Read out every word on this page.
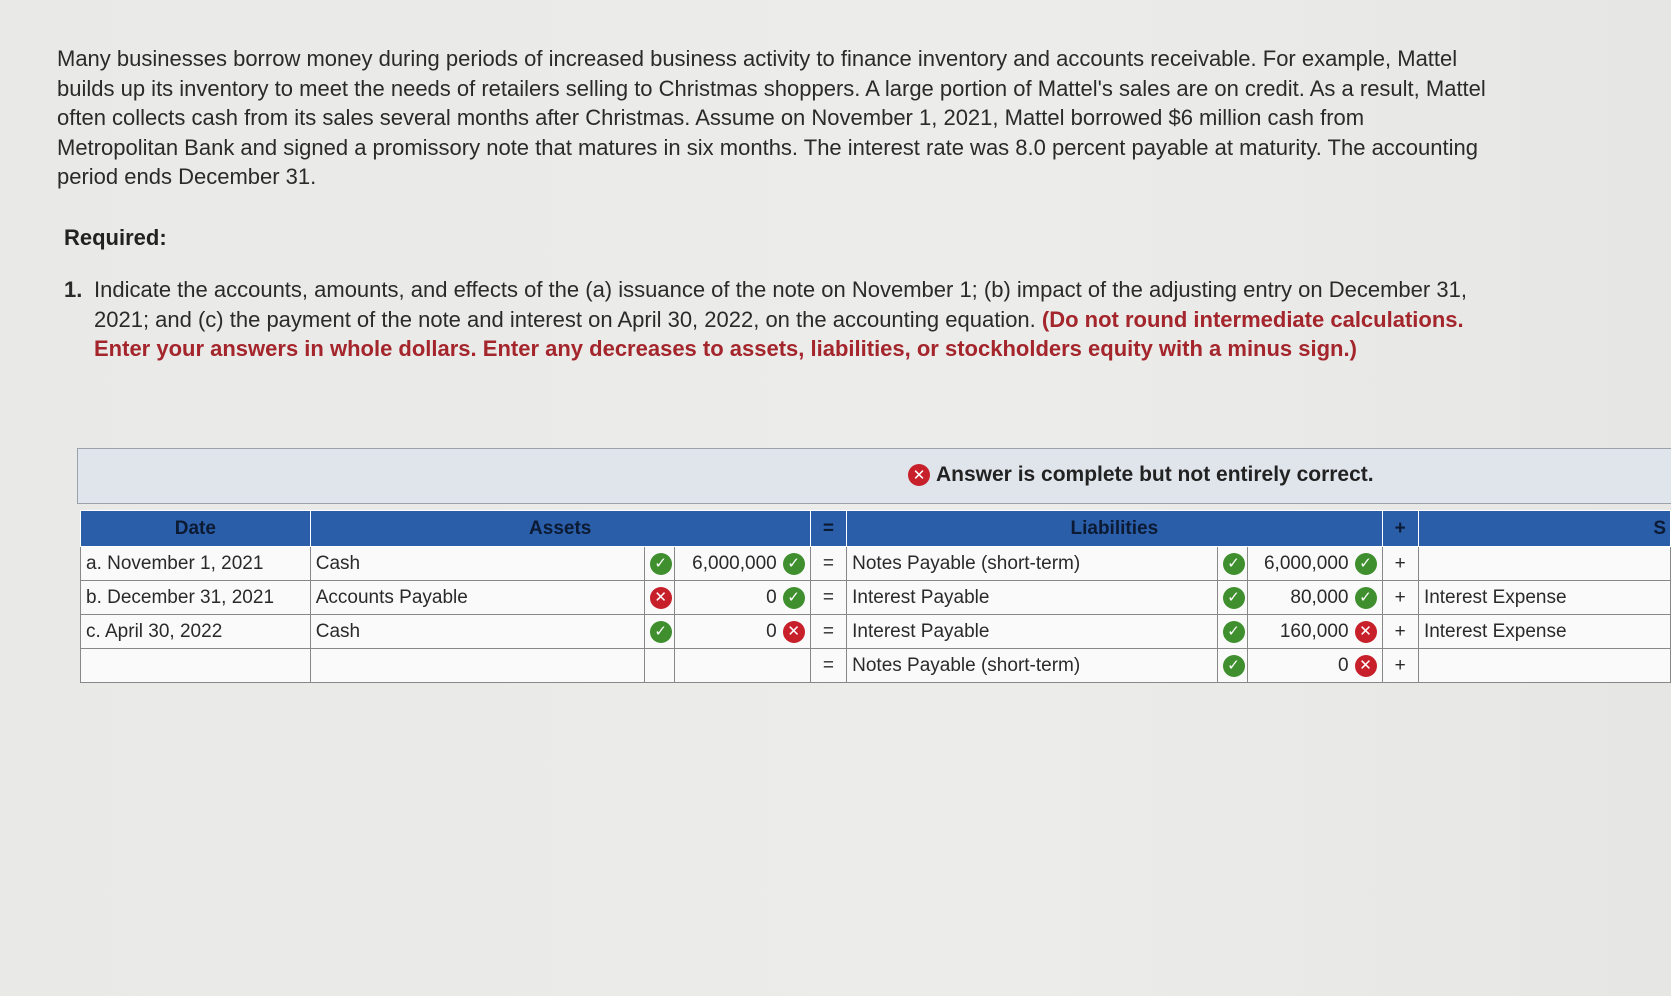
Many businesses borrow money during periods of increased business activity to finance inventory and accounts receivable. For example, Mattel builds up its inventory to meet the needs of retailers selling to Christmas shoppers. A large portion of Mattel's sales are on credit. As a result, Mattel often collects cash from its sales several months after Christmas. Assume on November 1, 2021, Mattel borrowed $6 million cash from Metropolitan Bank and signed a promissory note that matures in six months. The interest rate was 8.0 percent payable at maturity. The accounting period ends December 31.
Required:
1. Indicate the accounts, amounts, and effects of the (a) issuance of the note on November 1; (b) impact of the adjusting entry on December 31, 2021; and (c) the payment of the note and interest on April 30, 2022, on the accounting equation. (Do not round intermediate calculations. Enter your answers in whole dollars. Enter any decreases to assets, liabilities, or stockholders equity with a minus sign.)
✕ Answer is complete but not entirely correct.
Date	Assets			=	Liabilities			+	S
a. November 1, 2021	Cash	✓	6,000,000 ✓	=	Notes Payable (short-term)	✓	6,000,000 ✓	+	
b. December 31, 2021	Accounts Payable	✕	0 ✓	=	Interest Payable	✓	80,000 ✓	+	Interest Expense
c. April 30, 2022	Cash	✓	0 ✕	=	Interest Payable	✓	160,000 ✕	+	Interest Expense
				=	Notes Payable (short-term)	✓	0 ✕	+	
